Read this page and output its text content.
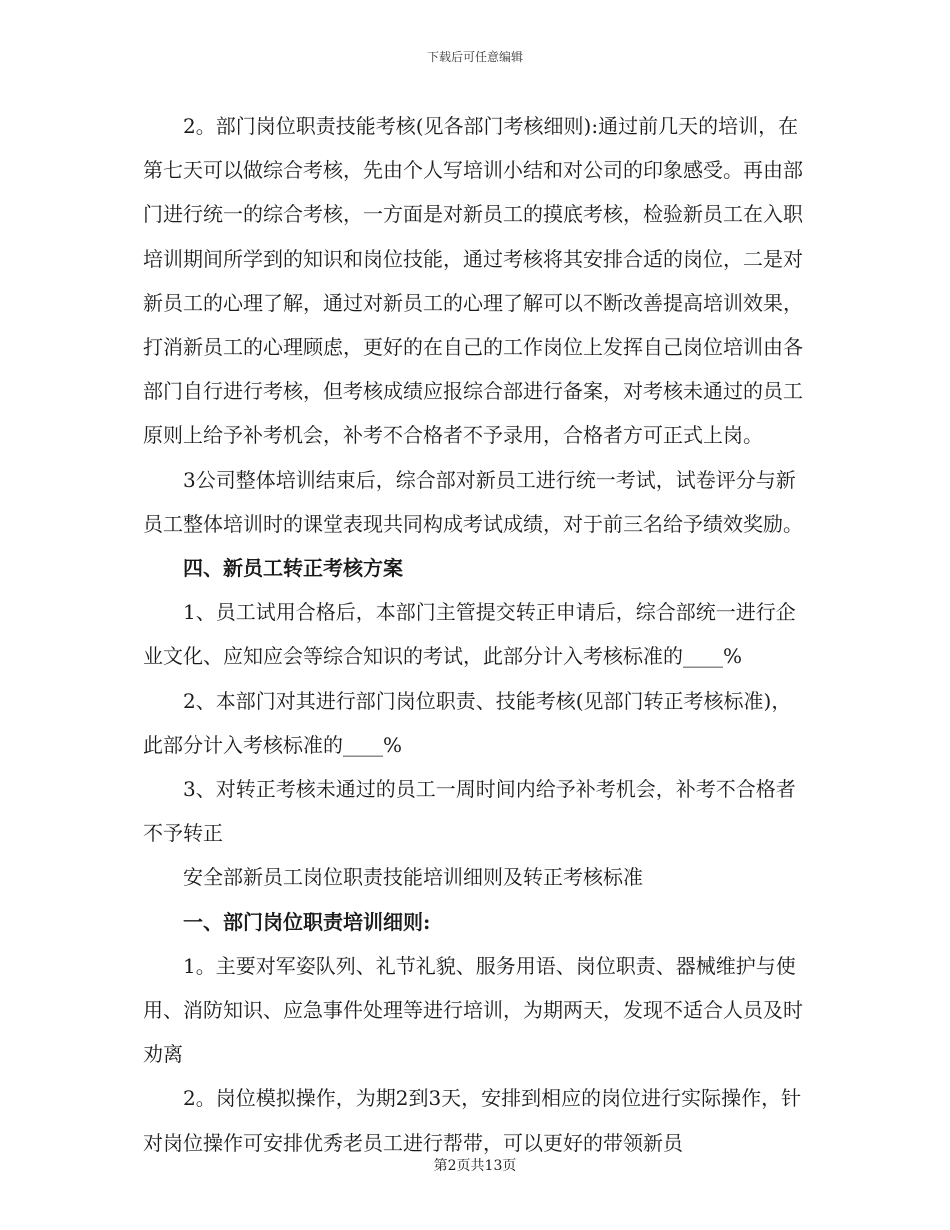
下载后可任意编辑

2。部门岗位职责技能考核(见各部门考核细则):通过前几天的培训，在第七天可以做综合考核，先由个人写培训小结和对公司的印象感受。再由部门进行统一的综合考核，一方面是对新员工的摸底考核，检验新员工在入职培训期间所学到的知识和岗位技能，通过考核将其安排合适的岗位，二是对新员工的心理了解，通过对新员工的心理了解可以不断改善提高培训效果，打消新员工的心理顾虑，更好的在自己的工作岗位上发挥自己岗位培训由各部门自行进行考核，但考核成绩应报综合部进行备案，对考核未通过的员工原则上给予补考机会，补考不合格者不予录用，合格者方可正式上岗。

3公司整体培训结束后，综合部对新员工进行统一考试，试卷评分与新员工整体培训时的课堂表现共同构成考试成绩，对于前三名给予绩效奖励。

四、新员工转正考核方案

1、员工试用合格后，本部门主管提交转正申请后，综合部统一进行企业文化、应知应会等综合知识的考试，此部分计入考核标准的____%

2、本部门对其进行部门岗位职责、技能考核(见部门转正考核标准)，此部分计入考核标准的____%

3、对转正考核未通过的员工一周时间内给予补考机会，补考不合格者不予转正

安全部新员工岗位职责技能培训细则及转正考核标准

一、部门岗位职责培训细则:

1。主要对军姿队列、礼节礼貌、服务用语、岗位职责、器械维护与使用、消防知识、应急事件处理等进行培训，为期两天，发现不适合人员及时劝离

2。岗位模拟操作，为期2到3天，安排到相应的岗位进行实际操作，针对岗位操作可安排优秀老员工进行帮带，可以更好的带领新员

第2页共13页
